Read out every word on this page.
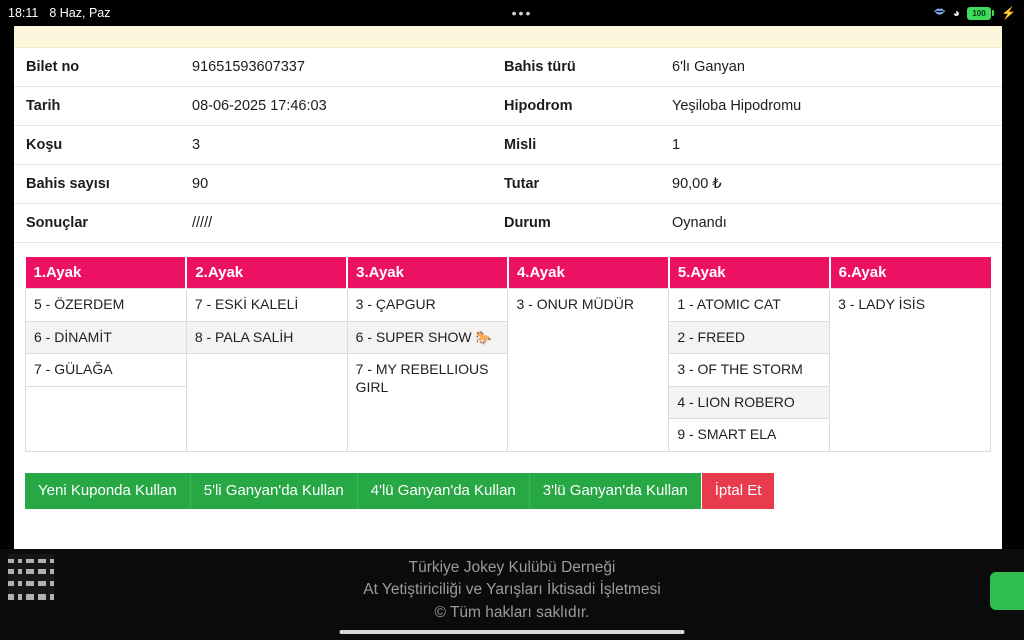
18:11 8 Haz, Paz	•••	🗢 ◕	100	⚡
Bilet no	91651593607337	Bahis türü	6'lı Ganyan
Tarih	08-06-2025 17:46:03	Hipodrom	Yeşiloba Hipodromu
Koşu	3	Misli	1
Bahis sayısı	90	Tutar	90,00 ₺
Sonuçlar	/////	Durum	Oynandı
1.Ayak	2.Ayak	3.Ayak	4.Ayak	5.Ayak	6.Ayak
5 - ÖZERDEM	7 - ESKİ KALELİ	3 - ÇAPGUR	3 - ONUR MÜDÜR	1 - ATOMIC CAT	3 - LADY İSİS
6 - DİNAMİT	8 - PALA SALİH	6 - SUPER SHOW 🐎		2 - FREED	
7 - GÜLAĞA		7 - MY REBELLIOUS GIRL		3 - OF THE STORM	
				4 - LION ROBERO	
				9 - SMART ELA	
Yeni Kuponda Kullan	5'li Ganyan'da Kullan	4'lü Ganyan'da Kullan	3'lü Ganyan'da Kullan	İptal Et
Türkiye Jokey Kulübü Derneği
At Yetiştiriciliği ve Yarışları İktisadi İşletmesi
© Tüm hakları saklıdır.
